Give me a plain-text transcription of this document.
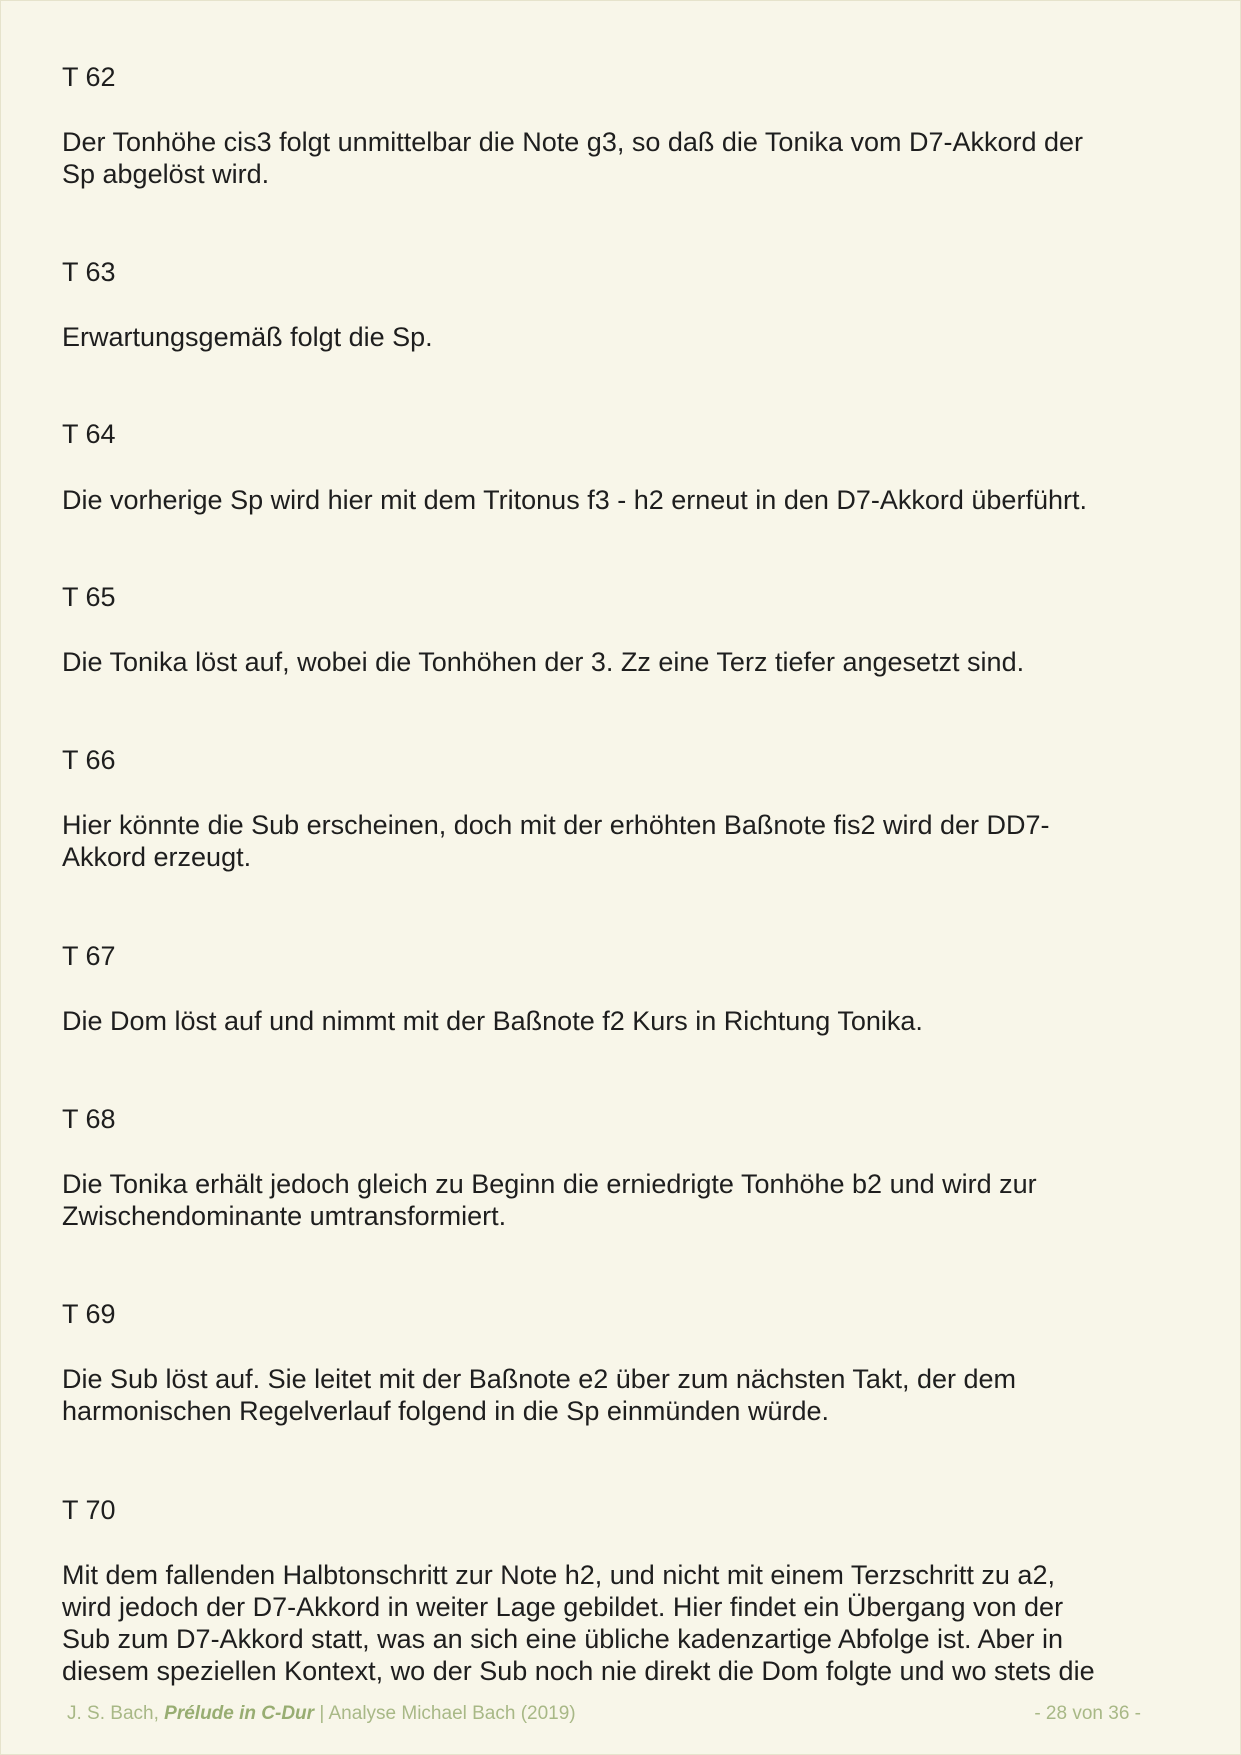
T 62

Der Tonhöhe cis3 folgt unmittelbar die Note g3, so daß die Tonika vom D7-Akkord der

Sp abgelöst wird.

T 63

Erwartungsgemäß folgt die Sp.

T 64

Die vorherige Sp wird hier mit dem Tritonus f3 - h2 erneut in den D7-Akkord überführt.

T 65

Die Tonika löst auf, wobei die Tonhöhen der 3. Zz eine Terz tiefer angesetzt sind.

T 66

Hier könnte die Sub erscheinen, doch mit der erhöhten Baßnote fis2 wird der DD7-

Akkord erzeugt.

T 67

Die Dom löst auf und nimmt mit der Baßnote f2 Kurs in Richtung Tonika.

T 68

Die Tonika erhält jedoch gleich zu Beginn die erniedrigte Tonhöhe b2 und wird zur

Zwischendominante umtransformiert.

T 69

Die Sub löst auf. Sie leitet mit der Baßnote e2 über zum nächsten Takt, der dem

harmonischen Regelverlauf folgend in die Sp einmünden würde.

T 70

Mit dem fallenden Halbtonschritt zur Note h2, und nicht mit einem Terzschritt zu a2,

wird jedoch der D7-Akkord in weiter Lage gebildet. Hier findet ein Übergang von der

Sub zum D7-Akkord statt, was an sich eine übliche kadenzartige Abfolge ist. Aber in

diesem speziellen Kontext, wo der Sub noch nie direkt die Dom folgte und wo stets die

J. S. Bach, Prélude in C-Dur | Analyse Michael Bach (2019)	- 28 von 36 -
